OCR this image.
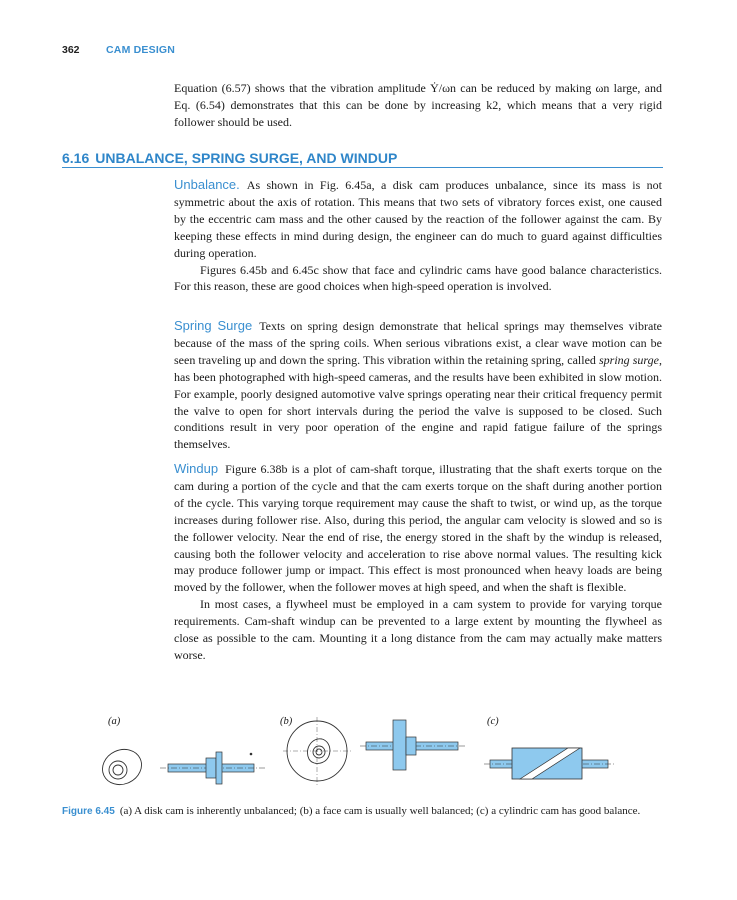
362	CAM DESIGN

Equation (6.57) shows that the vibration amplitude Ẏ/ωn can be reduced by making ωn large, and Eq. (6.54) demonstrates that this can be done by increasing k2, which means that a very rigid follower should be used.

6.16 UNBALANCE, SPRING SURGE, AND WINDUP

Unbalance. As shown in Fig. 6.45a, a disk cam produces unbalance, since its mass is not symmetric about the axis of rotation. This means that two sets of vibratory forces exist, one caused by the eccentric cam mass and the other caused by the reaction of the follower against the cam. By keeping these effects in mind during design, the engineer can do much to guard against difficulties during operation.

Figures 6.45b and 6.45c show that face and cylindric cams have good balance characteristics. For this reason, these are good choices when high-speed operation is involved.

Spring Surge Texts on spring design demonstrate that helical springs may themselves vibrate because of the mass of the spring coils. When serious vibrations exist, a clear wave motion can be seen traveling up and down the spring. This vibration within the retaining spring, called spring surge, has been photographed with high-speed cameras, and the results have been exhibited in slow motion. For example, poorly designed automotive valve springs operating near their critical frequency permit the valve to open for short intervals during the period the valve is supposed to be closed. Such conditions result in very poor operation of the engine and rapid fatigue failure of the springs themselves.

Windup Figure 6.38b is a plot of cam-shaft torque, illustrating that the shaft exerts torque on the cam during a portion of the cycle and that the cam exerts torque on the shaft during another portion of the cycle. This varying torque requirement may cause the shaft to twist, or wind up, as the torque increases during follower rise. Also, during this period, the angular cam velocity is slowed and so is the follower velocity. Near the end of rise, the energy stored in the shaft by the windup is released, causing both the follower velocity and acceleration to rise above normal values. The resulting kick may produce follower jump or impact. This effect is most pronounced when heavy loads are being moved by the follower, when the follower moves at high speed, and when the shaft is flexible.

In most cases, a flywheel must be employed in a cam system to provide for varying torque requirements. Cam-shaft windup can be prevented to a large extent by mounting the flywheel as close as possible to the cam. Mounting it a long distance from the cam may actually make matters worse.

(a)	(b)	(c)
Figure 6.45 (a) A disk cam is inherently unbalanced; (b) a face cam is usually well balanced; (c) a cylindric cam has good balance.
